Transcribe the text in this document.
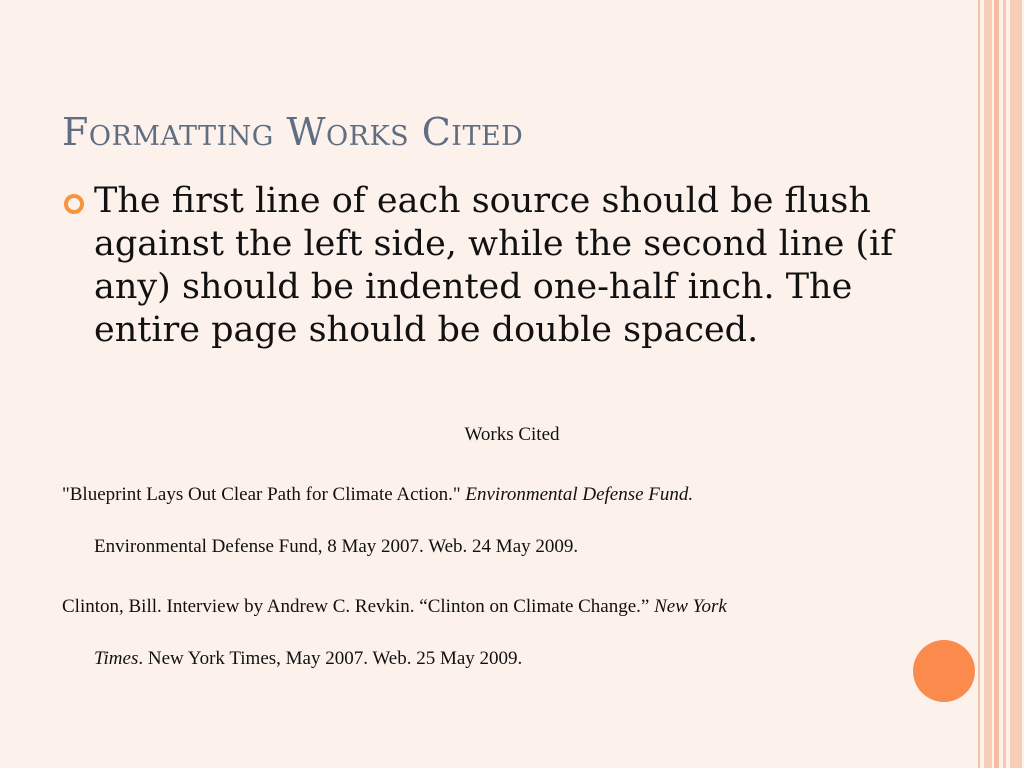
Formatting Works Cited
The first line of each source should be flush against the left side, while the second line (if any) should be indented one-half inch. The entire page should be double spaced.
Works Cited
"Blueprint Lays Out Clear Path for Climate Action." Environmental Defense Fund.
Environmental Defense Fund, 8 May 2007. Web. 24 May 2009.
Clinton, Bill. Interview by Andrew C. Revkin. “Clinton on Climate Change.” New York
Times. New York Times, May 2007. Web. 25 May 2009.
